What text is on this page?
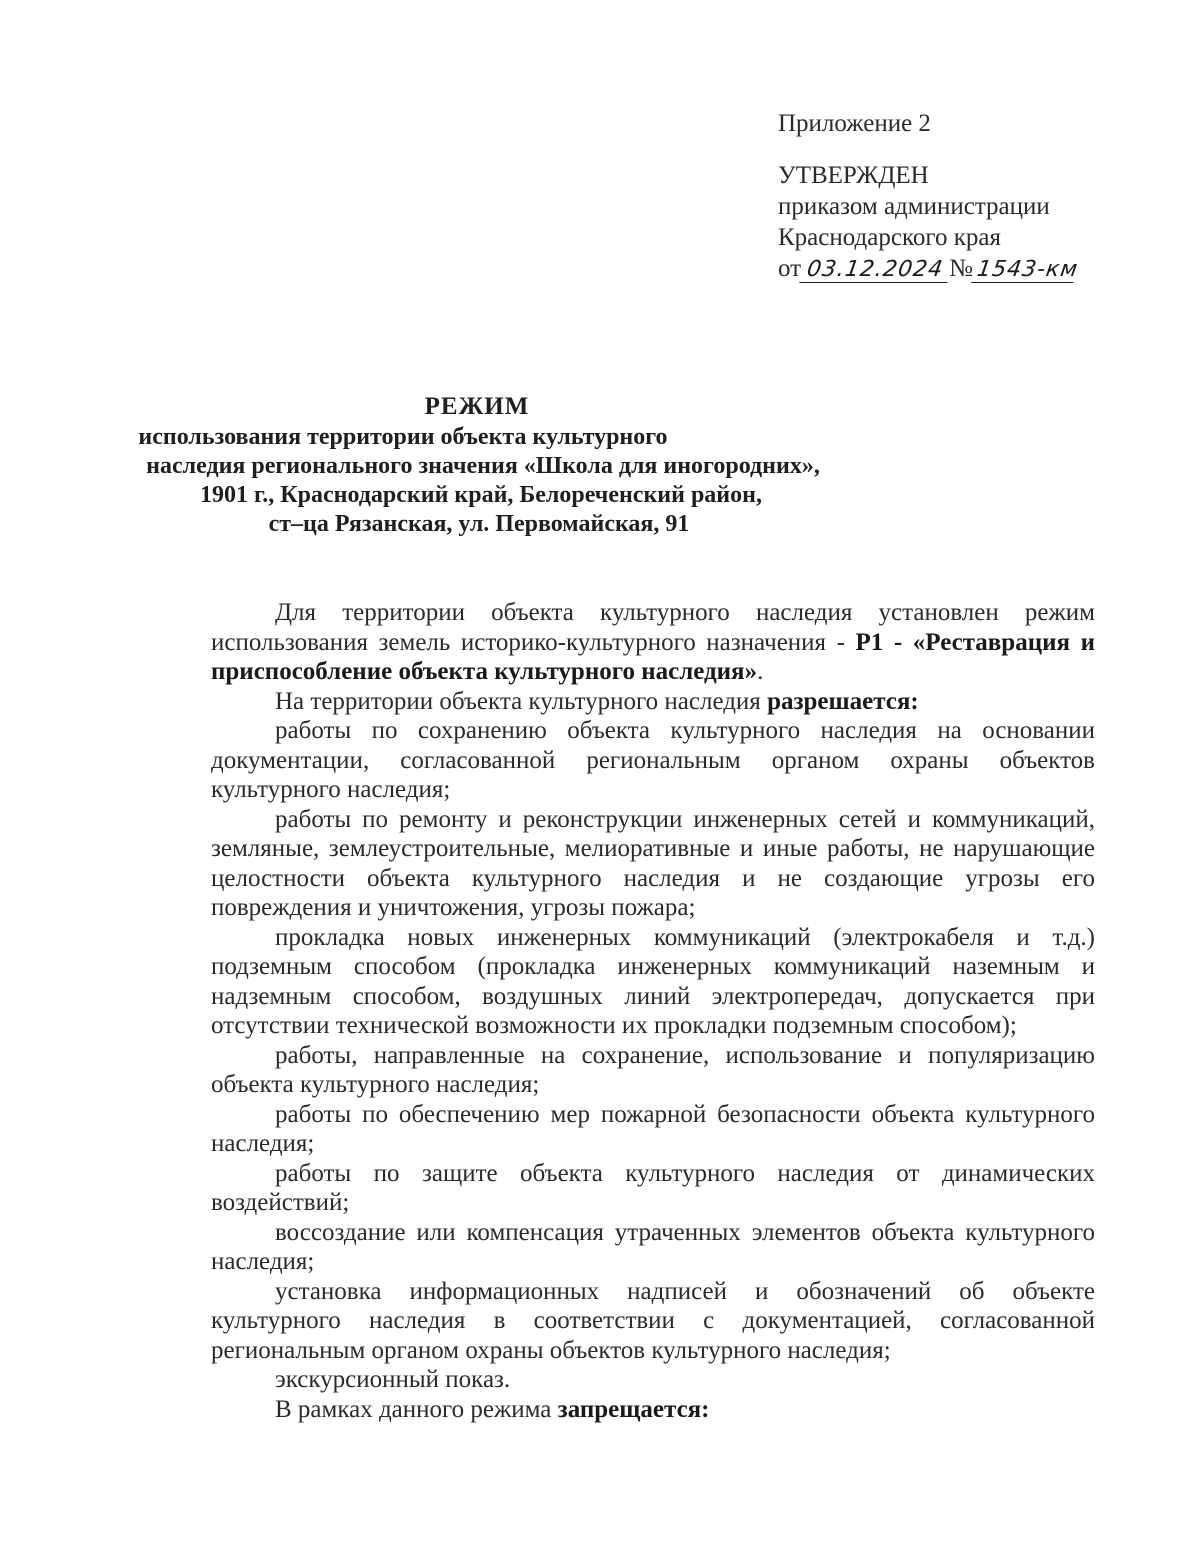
Приложение 2
УТВЕРЖДЕН
приказом администрации
Краснодарского края
от 03.12.2024 № 1543-км
РЕЖИМ
использования территории объекта культурного
наследия регионального значения «Школа для иногородних»,
1901 г., Краснодарский край, Белореченский район,
ст–ца Рязанская, ул. Первомайская, 91

Для территории объекта культурного наследия установлен режим использования земель историко-культурного назначения - Р1 - «Реставрация и приспособление объекта культурного наследия».

На территории объекта культурного наследия разрешается:

работы по сохранению объекта культурного наследия на основании документации, согласованной региональным органом охраны объектов культурного наследия;

работы по ремонту и реконструкции инженерных сетей и коммуникаций, земляные, землеустроительные, мелиоративные и иные работы, не нарушающие целостности объекта культурного наследия и не создающие угрозы его повреждения и уничтожения, угрозы пожара;

прокладка новых инженерных коммуникаций (электрокабеля и т.д.) подземным способом (прокладка инженерных коммуникаций наземным и надземным способом, воздушных линий электропередач, допускается при отсутствии технической возможности их прокладки подземным способом);

работы, направленные на сохранение, использование и популяризацию объекта культурного наследия;

работы по обеспечению мер пожарной безопасности объекта культурного наследия;

работы по защите объекта культурного наследия от динамических воздействий;

воссоздание или компенсация утраченных элементов объекта культурного наследия;

установка информационных надписей и обозначений об объекте культурного наследия в соответствии с документацией, согласованной региональным органом охраны объектов культурного наследия;

экскурсионный показ.

В рамках данного режима запрещается:
